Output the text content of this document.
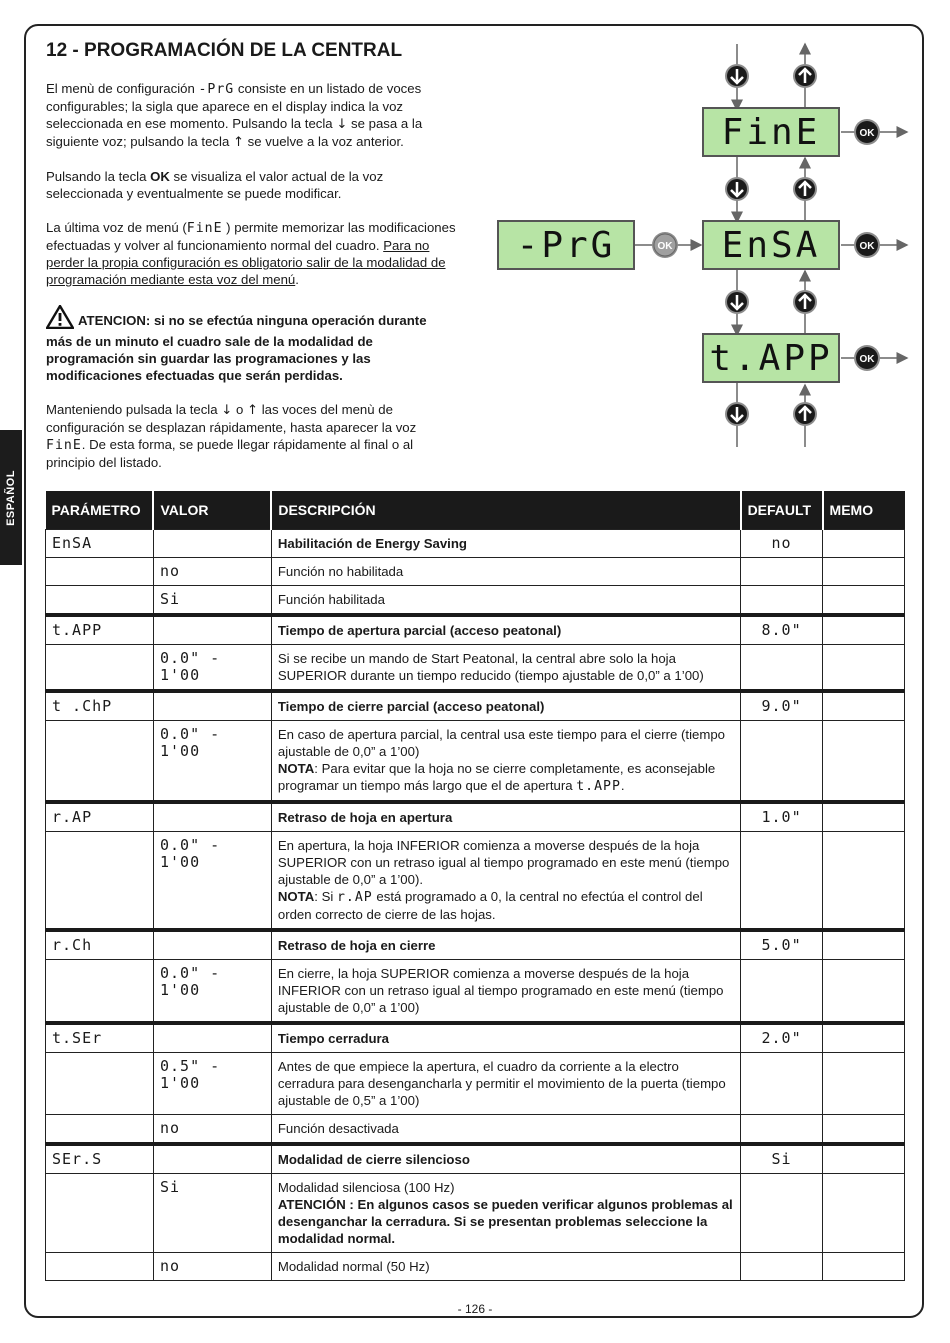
ESPAÑOL
12 - PROGRAMACIÓN DE LA CENTRAL

El menù de configuración -PrG consiste en un listado de voces configurables; la sigla que aparece en el display indica la voz seleccionada en ese momento. Pulsando la tecla ↓ se pasa a la siguiente voz; pulsando la tecla ↑ se vuelve a la voz anterior.

Pulsando la tecla OK se visualiza el valor actual de la voz seleccionada y eventualmente se puede modificar.

La última voz de menú (FinE ) permite memorizar las modificaciones efectuadas y volver al funcionamiento normal del cuadro. Para no perder la propia configuración es obligatorio salir de la modalidad de programación mediante esta voz del menú.

ATENCION: si no se efectúa ninguna operación durante más de un minuto el cuadro sale de la modalidad de programación sin guardar las programaciones y las modificaciones efectuadas que serán perdidas.

Manteniendo pulsada la tecla ↓ o ↑ las voces del menù de configuración se desplazan rápidamente, hasta aparecer la voz FinE. De esta forma, se puede llegar rápidamente al final o al principio del listado.

FinE
EnSA
t.APP
-PrG	OK
OK
OK
OK
PARÁMETRO	VALOR	DESCRIPCIÓN	DEFAULT	MEMO
EnSA		Habilitación de Energy Saving	no	
	no	Función no habilitada		
	Si	Función habilitada		
t.APP		Tiempo de apertura parcial (acceso peatonal)	8.0"	
	0.0" - 1'00	Si se recibe un mando de Start Peatonal, la central abre solo la hoja SUPERIOR durante un tiempo reducido (tiempo ajustable de 0,0” a 1’00)		
t .ChP		Tiempo de cierre parcial (acceso peatonal)	9.0"	
	0.0" - 1'00	En caso de apertura parcial, la central usa este tiempo para el cierre (tiempo ajustable de 0,0” a 1’00)
NOTA: Para evitar que la hoja no se cierre completamente, es aconsejable programar un tiempo más largo que el de apertura t.APP.		
r.AP		Retraso de hoja en apertura	1.0"	
	0.0" - 1'00	En apertura, la hoja INFERIOR comienza a moverse después de la hoja SUPERIOR con un retraso igual al tiempo programado en este menú (tiempo ajustable de 0,0” a 1’00).
NOTA: Si r.AP está programado a 0, la central no efectúa el control del orden correcto de cierre de las hojas.		
r.Ch		Retraso de hoja en cierre	5.0"	
	0.0" - 1'00	En cierre, la hoja SUPERIOR comienza a moverse después de la hoja INFERIOR con un retraso igual al tiempo programado en este menú (tiempo ajustable de 0,0” a 1’00)		
t.SEr		Tiempo cerradura	2.0"	
	0.5" - 1'00	Antes de que empiece la apertura, el cuadro da corriente a la electro cerradura para desengancharla y permitir el movimiento de la puerta (tiempo ajustable de 0,5” a 1’00)		
	no	Función desactivada		
SEr.S		Modalidad de cierre silencioso	Si	
	Si	Modalidad silenciosa (100 Hz)
ATENCIÓN : En algunos casos se pueden verificar algunos problemas al desenganchar la cerradura. Si se presentan problemas seleccione la modalidad normal.		
	no	Modalidad normal (50 Hz)		
- 126 -
